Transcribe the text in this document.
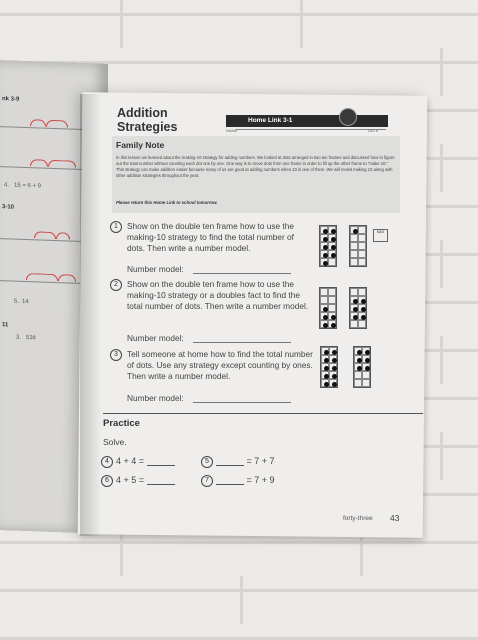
nk 3-9
4. 15 = 6 + 9
3-10
5. 14
11
3. 53¢
Addition
Strategies	Home Link 3-1
NAME	DATE
Family Note
In this lesson we learned about the making-10 strategy for adding numbers. We looked at dots arranged in two ten frames and discussed how to figure out the total number without counting each dot one by one. One way is to move dots from one frame in order to fill up the other frame to "make 10." This strategy can make addition easier because many of us are good at adding numbers when 10 is one of them. We will revisit making 10 along with other addition strategies throughout the year.
Please return this Home Link to school tomorrow.
MAS
1	Show on the double ten frame how to use the making-10 strategy to find the total number of dots. Then write a number model.
Number model:
2	Show on the double ten frame how to use the making-10 strategy or a doubles fact to find the total number of dots. Then write a number model.
Number model:
3	Tell someone at home how to find the total number of dots. Use any strategy except counting by ones. Then write a number model.
Number model:
Practice
Solve.
4 4 + 4 =	5	= 7 + 7
6 4 + 5 =	7	= 7 + 9
forty-three 43
